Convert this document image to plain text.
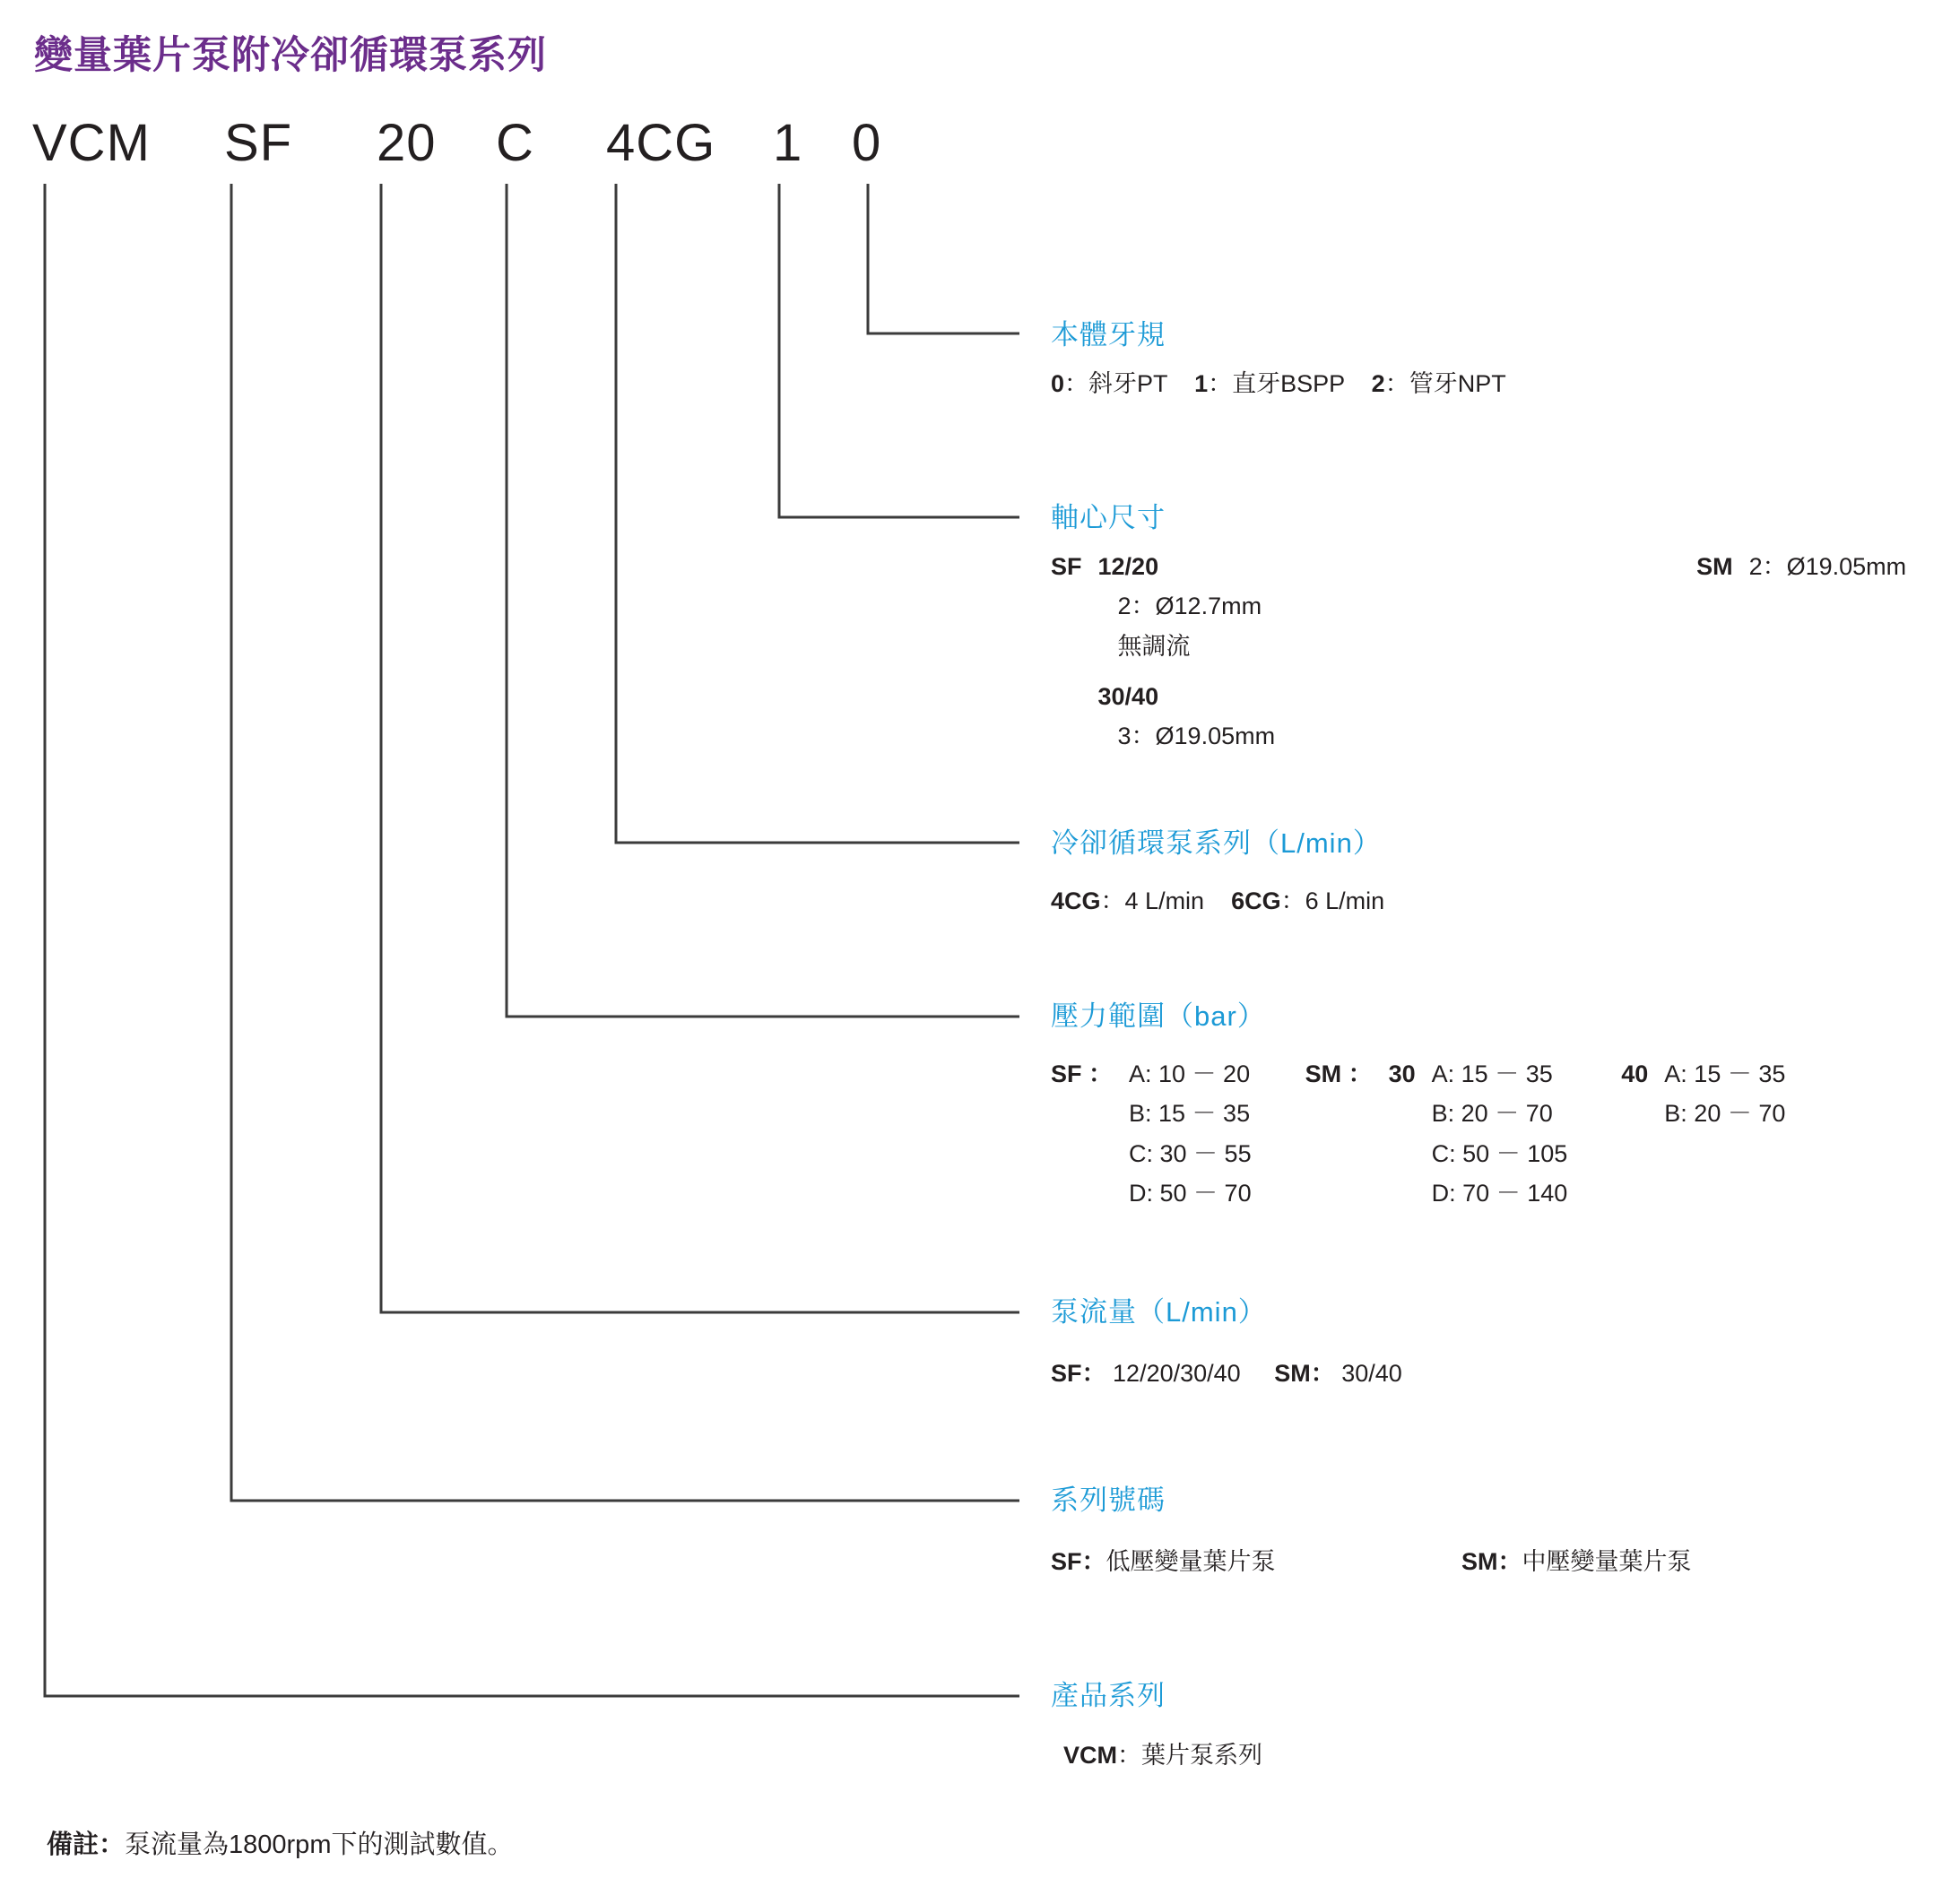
變量葉片泵附冷卻循環泵系列
VCM SF 20 C 4CG 1 0
本體牙規
0：斜牙PT 1：直牙BSPP 2：管牙NPT
軸心尺寸
SF	12/20		SM	2：Ø19.05mm
	2：Ø12.7mm			
	無調流			
	30/40			
	3：Ø19.05mm			
冷卻循環泵系列（L/min）
4CG：4 L/min 6CG：6 L/min
壓力範圍（bar）
SF ：	A: 10 － 20		SM ：	30	A: 15 － 35		40	A: 15 － 35
	B: 15 － 35				B: 20 － 70			B: 20 － 70
	C: 30 － 55				C: 50 － 105			
	D: 50 － 70				D: 70 － 140			
泵流量（L/min）
SF： 12/20/30/40 SM： 30/40
系列號碼
SF：低壓變量葉片泵	SM：中壓變量葉片泵
產品系列
VCM：葉片泵系列
備註：泵流量為1800rpm下的測試數值。
